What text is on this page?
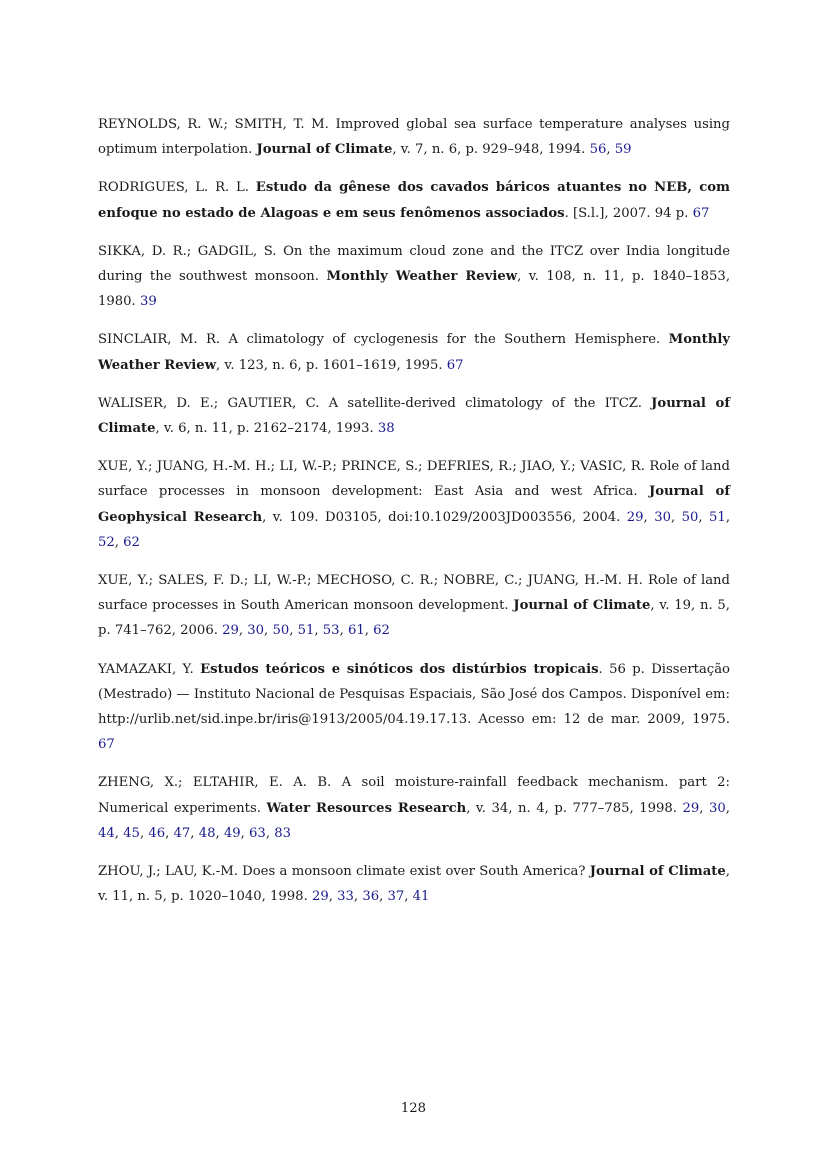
REYNOLDS, R. W.; SMITH, T. M. Improved global sea surface temperature analyses using optimum interpolation. Journal of Climate, v. 7, n. 6, p. 929–948, 1994. 56, 59

RODRIGUES, L. R. L. Estudo da gênese dos cavados báricos atuantes no NEB, com enfoque no estado de Alagoas e em seus fenômenos associados. [S.l.], 2007. 94 p. 67

SIKKA, D. R.; GADGIL, S. On the maximum cloud zone and the ITCZ over India longitude during the southwest monsoon. Monthly Weather Review, v. 108, n. 11, p. 1840–1853, 1980. 39

SINCLAIR, M. R. A climatology of cyclogenesis for the Southern Hemisphere. Monthly Weather Review, v. 123, n. 6, p. 1601–1619, 1995. 67

WALISER, D. E.; GAUTIER, C. A satellite-derived climatology of the ITCZ. Journal of Climate, v. 6, n. 11, p. 2162–2174, 1993. 38

XUE, Y.; JUANG, H.-M. H.; LI, W.-P.; PRINCE, S.; DEFRIES, R.; JIAO, Y.; VASIC, R. Role of land surface processes in monsoon development: East Asia and west Africa. Journal of Geophysical Research, v. 109. D03105, doi:10.1029/2003JD003556, 2004. 29, 30, 50, 51, 52, 62

XUE, Y.; SALES, F. D.; LI, W.-P.; MECHOSO, C. R.; NOBRE, C.; JUANG, H.-M. H. Role of land surface processes in South American monsoon development. Journal of Climate, v. 19, n. 5, p. 741–762, 2006. 29, 30, 50, 51, 53, 61, 62

YAMAZAKI, Y. Estudos teóricos e sinóticos dos distúrbios tropicais. 56 p. Dissertação (Mestrado) — Instituto Nacional de Pesquisas Espaciais, São José dos Campos. Disponível em: http://urlib.net/sid.inpe.br/iris@1913/2005/04.19.17.13. Acesso em: 12 de mar. 2009, 1975. 67

ZHENG, X.; ELTAHIR, E. A. B. A soil moisture-rainfall feedback mechanism. part 2: Numerical experiments. Water Resources Research, v. 34, n. 4, p. 777–785, 1998. 29, 30, 44, 45, 46, 47, 48, 49, 63, 83

ZHOU, J.; LAU, K.-M. Does a monsoon climate exist over South America? Journal of Climate, v. 11, n. 5, p. 1020–1040, 1998. 29, 33, 36, 37, 41

128
